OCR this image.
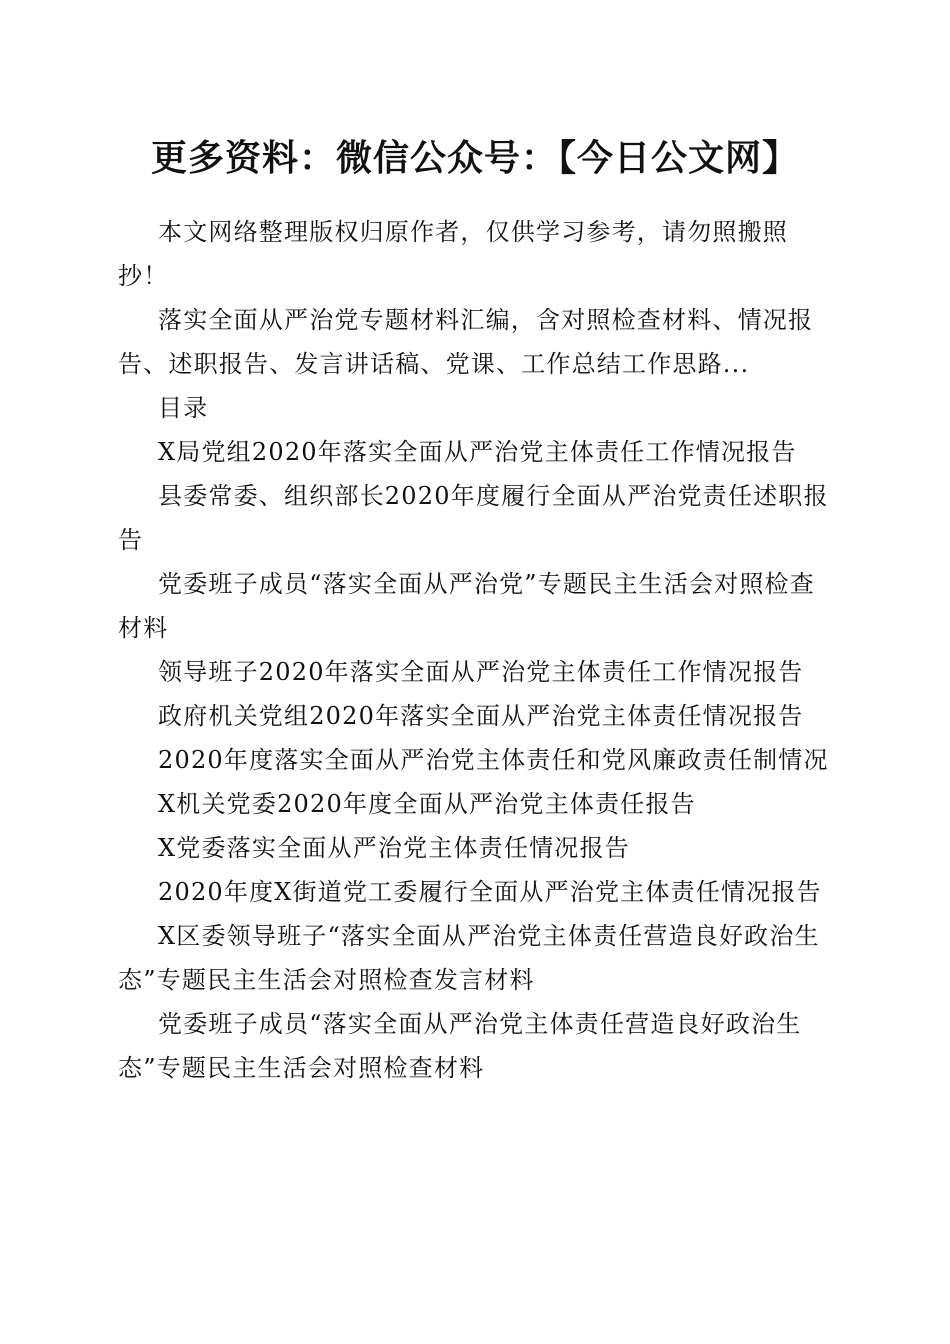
更多资料：微信公众号：【今日公文网】

本文网络整理版权归原作者，仅供学习参考，请勿照搬照抄！

落实全面从严治党专题材料汇编，含对照检查材料、情况报告、述职报告、发言讲话稿、党课、工作总结工作思路...

目录

X局党组2020年落实全面从严治党主体责任工作情况报告

县委常委、组织部长2020年度履行全面从严治党责任述职报告

党委班子成员“落实全面从严治党”专题民主生活会对照检查材料

领导班子2020年落实全面从严治党主体责任工作情况报告

政府机关党组2020年落实全面从严治党主体责任情况报告

2020年度落实全面从严治党主体责任和党风廉政责任制情况

X机关党委2020年度全面从严治党主体责任报告

X党委落实全面从严治党主体责任情况报告

2020年度X街道党工委履行全面从严治党主体责任情况报告

X区委领导班子“落实全面从严治党主体责任营造良好政治生态”专题民主生活会对照检查发言材料

党委班子成员“落实全面从严治党主体责任营造良好政治生态”专题民主生活会对照检查材料
